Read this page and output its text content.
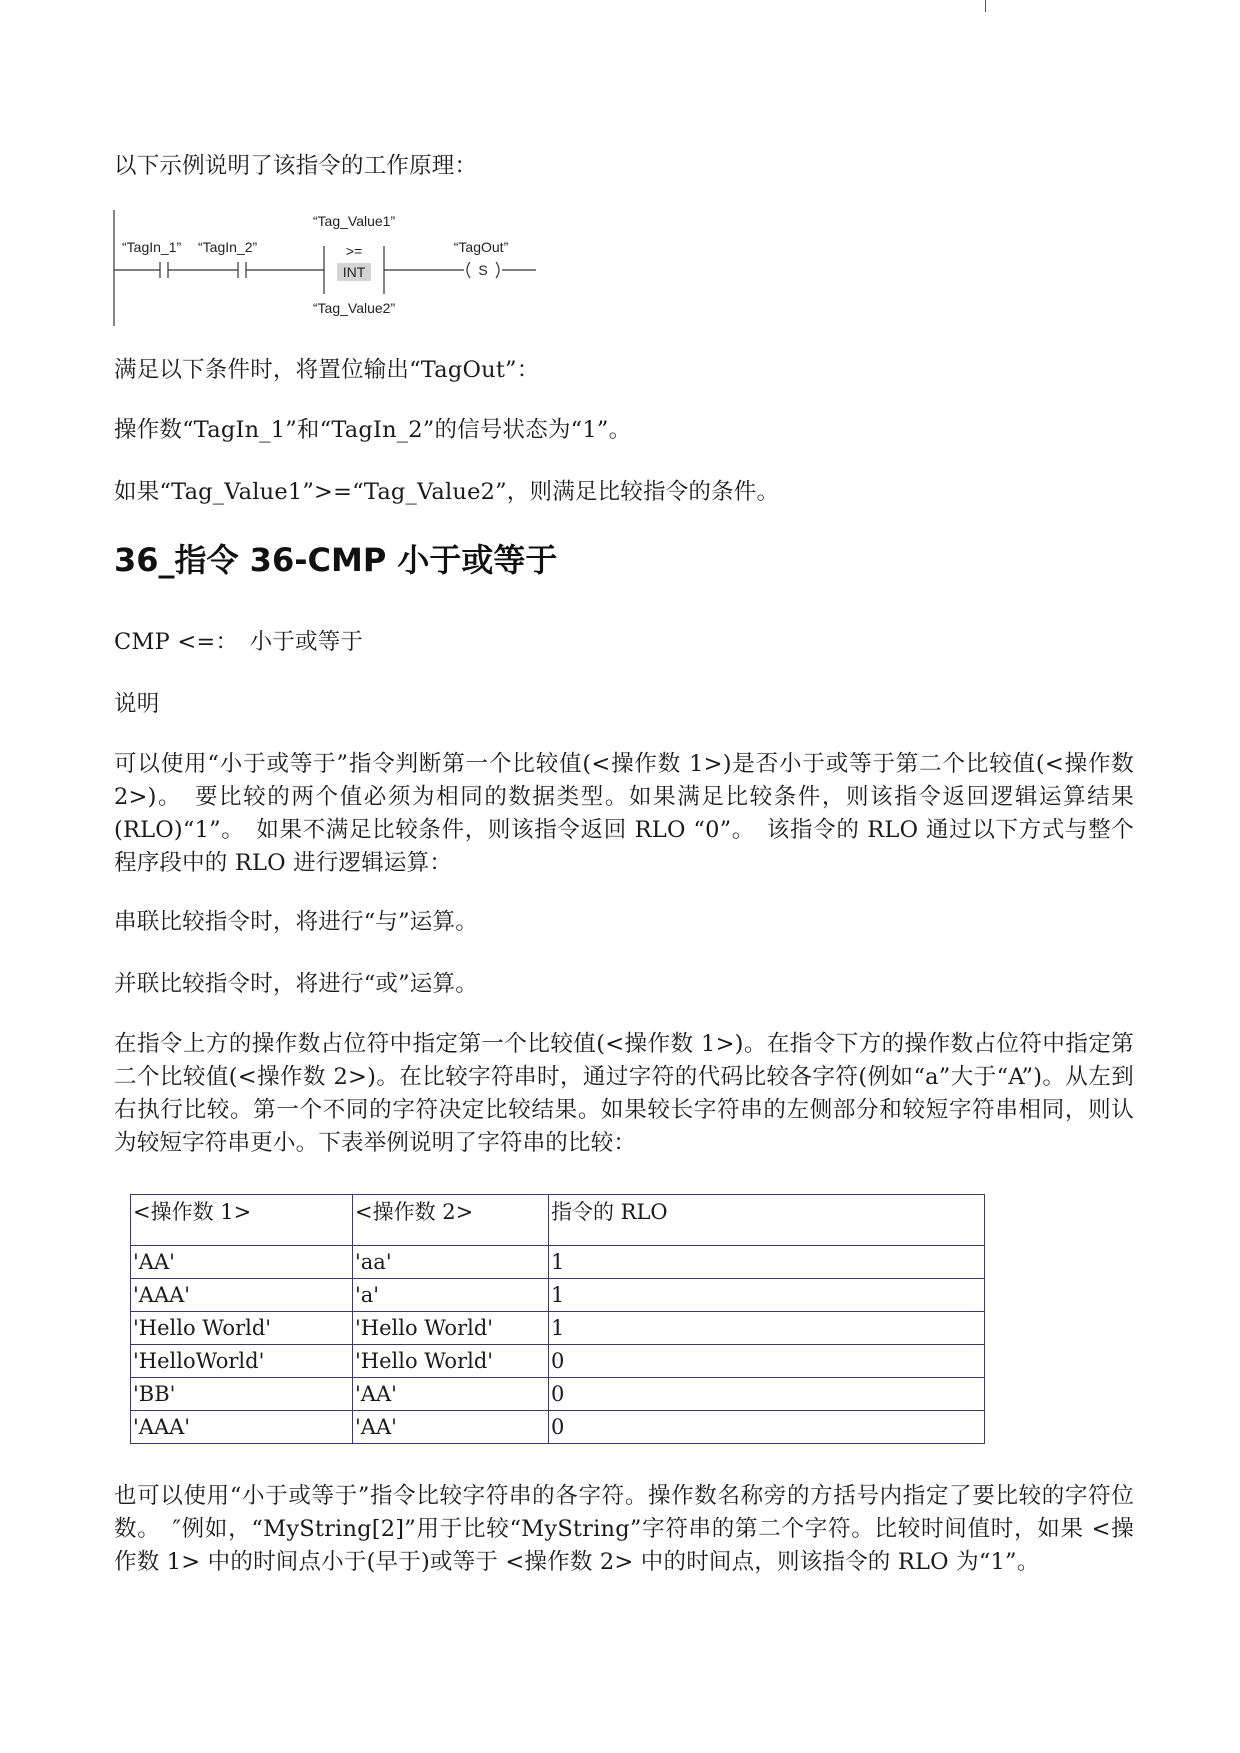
以下示例说明了该指令的工作原理：

“TagIn_1” “TagIn_2”
“Tag_Value1”
>=
INT
“Tag_Value2”
“TagOut”
S

满足以下条件时，将置位输出“TagOut”：

操作数“TagIn_1”和“TagIn_2”的信号状态为“1”。

如果“Tag_Value1”>=“Tag_Value2”，则满足比较指令的条件。

36_指令 36-CMP 小于或等于

CMP <=：　小于或等于

说明

可以使用“小于或等于”指令判断第一个比较值(<操作数 1>)是否小于或等于第二个比较值(<操作数 2>)。　要比较的两个值必须为相同的数据类型。如果满足比较条件，则该指令返回逻辑运算结果 (RLO)“1”。　如果不满足比较条件，则该指令返回 RLO “0”。　该指令的 RLO 通过以下方式与整个程序段中的 RLO 进行逻辑运算：

串联比较指令时，将进行“与”运算。

并联比较指令时，将进行“或”运算。

在指令上方的操作数占位符中指定第一个比较值(<操作数 1>)。在指令下方的操作数占位符中指定第 二个比较值(<操作数 2>)。在比较字符串时，通过字符的代码比较各字符(例如“a”大于“A”)。从左到右执行比较。第一个不同的字符决定比较结果。如果较长字符串的左侧部分和较短字符串相同，则认为较短字符串更小。下表举例说明了字符串的比较：

<操作数 1>	<操作数 2>	指令的 RLO
'AA'	'aa'	1
'AAA'	'a'	1
'Hello World'	'Hello World'	1
'HelloWorld'	'Hello World'	0
'BB'	'AA'	0
'AAA'	'AA'	0

也可以使用“小于或等于”指令比较字符串的各字符。操作数名称旁的方括号内指定了要比较的字符位 数。　″例如，“MyString[2]”用于比较“MyString”字符串的第二个字符。比较时间值时，如果 <操作数 1> 中的时间点小于(早于)或等于 <操作数 2> 中的时间点，则该指令的 RLO 为“1”。
